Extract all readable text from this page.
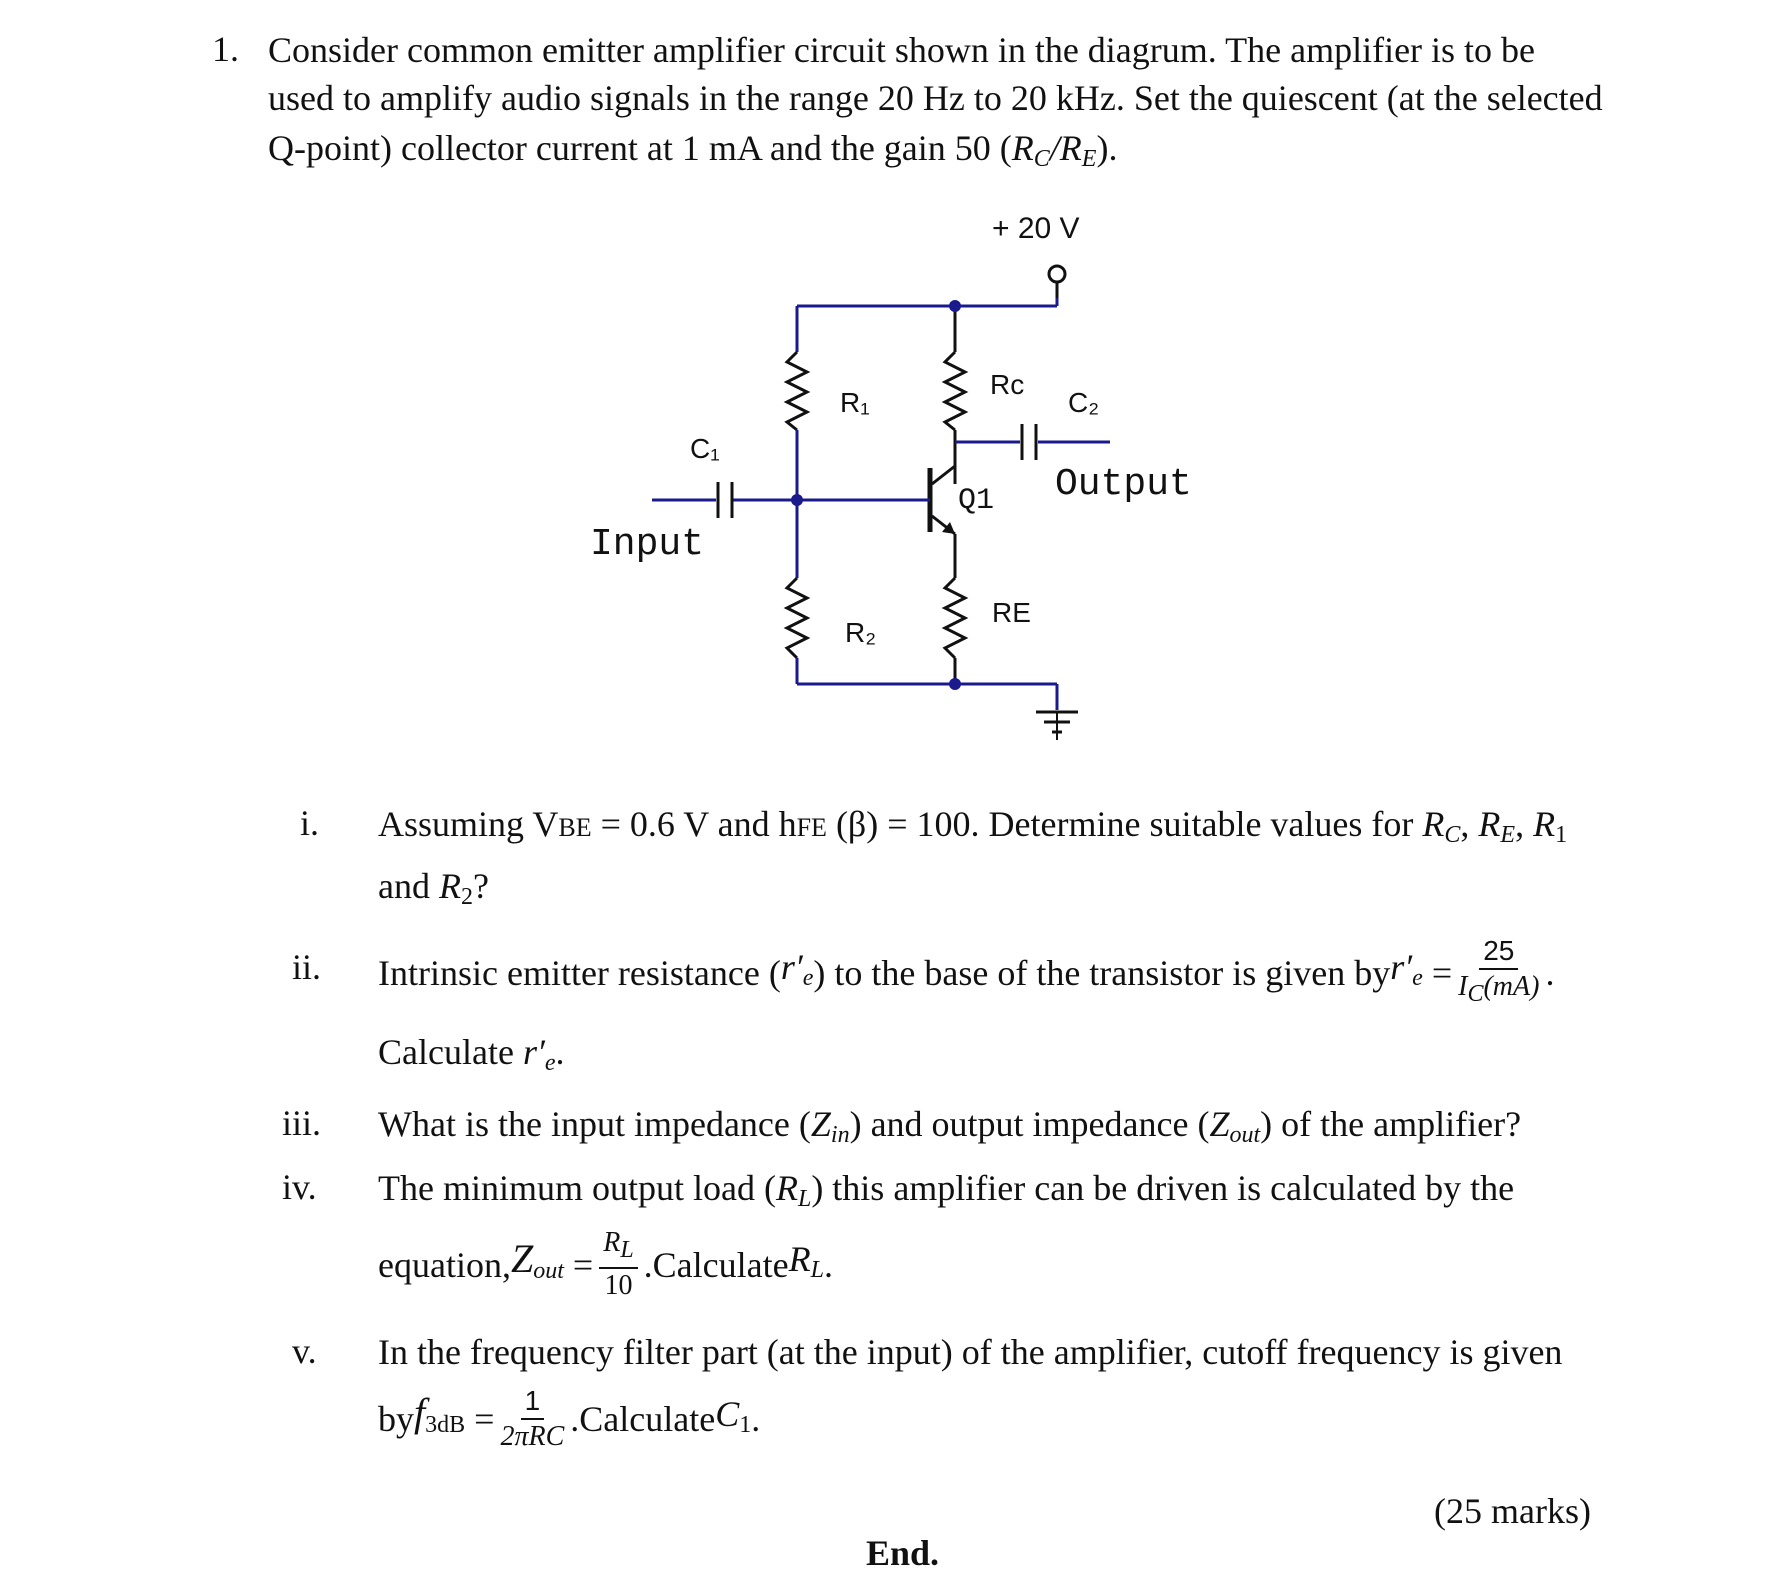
1. Consider common emitter amplifier circuit shown in the diagrum. The amplifier is to be
used to amplify audio signals in the range 20 Hz to 20 kHz. Set the quiescent (at the selected
Q-point) collector current at 1 mA and the gain 50 $(R_C/R_E)$.
+ 20 V
R₁
Rc
C₂
C₁
Q1
RE
R₂
Input
Output
i. Assuming VBE = 0.6 V and hFE (β) = 100. Determine suitable values for $R_C$, $R_E$, $R_1$
and $R_2$?
ii. Intrinsic emitter resistance ( $r'_e$ ) to the base of the transistor is given by $r'_e = \frac{25}{IC(mA)}$ .
Calculate $r'_e$.
iii. What is the input impedance $(Z_{in})$ and output impedance $(Z_{out})$ of the amplifier?
iv. The minimum output load $(R_L)$ this amplifier can be driven is calculated by the
equation, $Z_{out} = \frac{RL}{10}$ . Calculate $R_L$ .
v. In the frequency filter part (at the input) of the amplifier, cutoff frequency is given
by $f_{3dB} = \frac{1}{\text{2πRC}}$ . Calculate $C_1$ .
(25 marks)
End.
